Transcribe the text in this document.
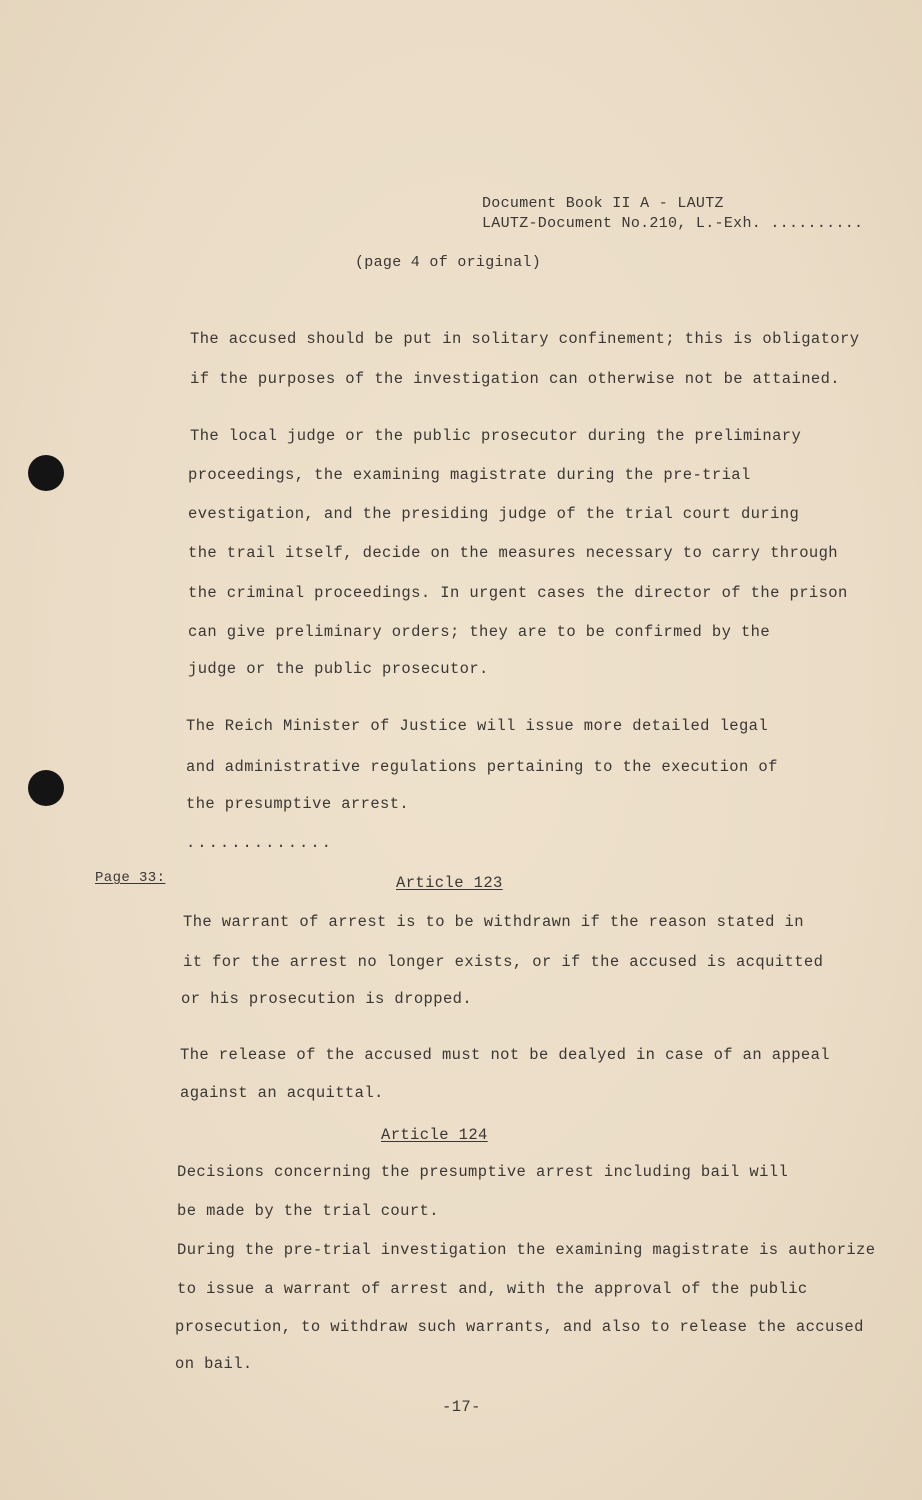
Document Book II A - LAUTZ
LAUTZ-Document No.210, L.-Exh. ..........
(page 4 of original)
The accused should be put in solitary confinement; this is obligatory
if the purposes of the investigation can otherwise not be attained.
The local judge or the public prosecutor during the preliminary
proceedings, the examining magistrate during the pre-trial
evestigation, and the presiding judge of the trial court during
the trail itself, decide on the measures necessary to carry through
the criminal proceedings. In urgent cases the director of the prison
can give preliminary orders; they are to be confirmed by the
judge or the public prosecutor.
The Reich Minister of Justice will issue more detailed legal
and administrative regulations pertaining to the execution of
the presumptive arrest.
.............
Page 33:	Article 123
The warrant of arrest is to be withdrawn if the reason stated in
it for the arrest no longer exists, or if the accused is acquitted
or his prosecution is dropped.
The release of the accused must not be dealyed in case of an appeal
against an acquittal.
Article 124
Decisions concerning the presumptive arrest including bail will
be made by the trial court.
During the pre-trial investigation the examining magistrate is authorize
to issue a warrant of arrest and, with the approval of the public
prosecution, to withdraw such warrants, and also to release the accused
on bail.
-17-
